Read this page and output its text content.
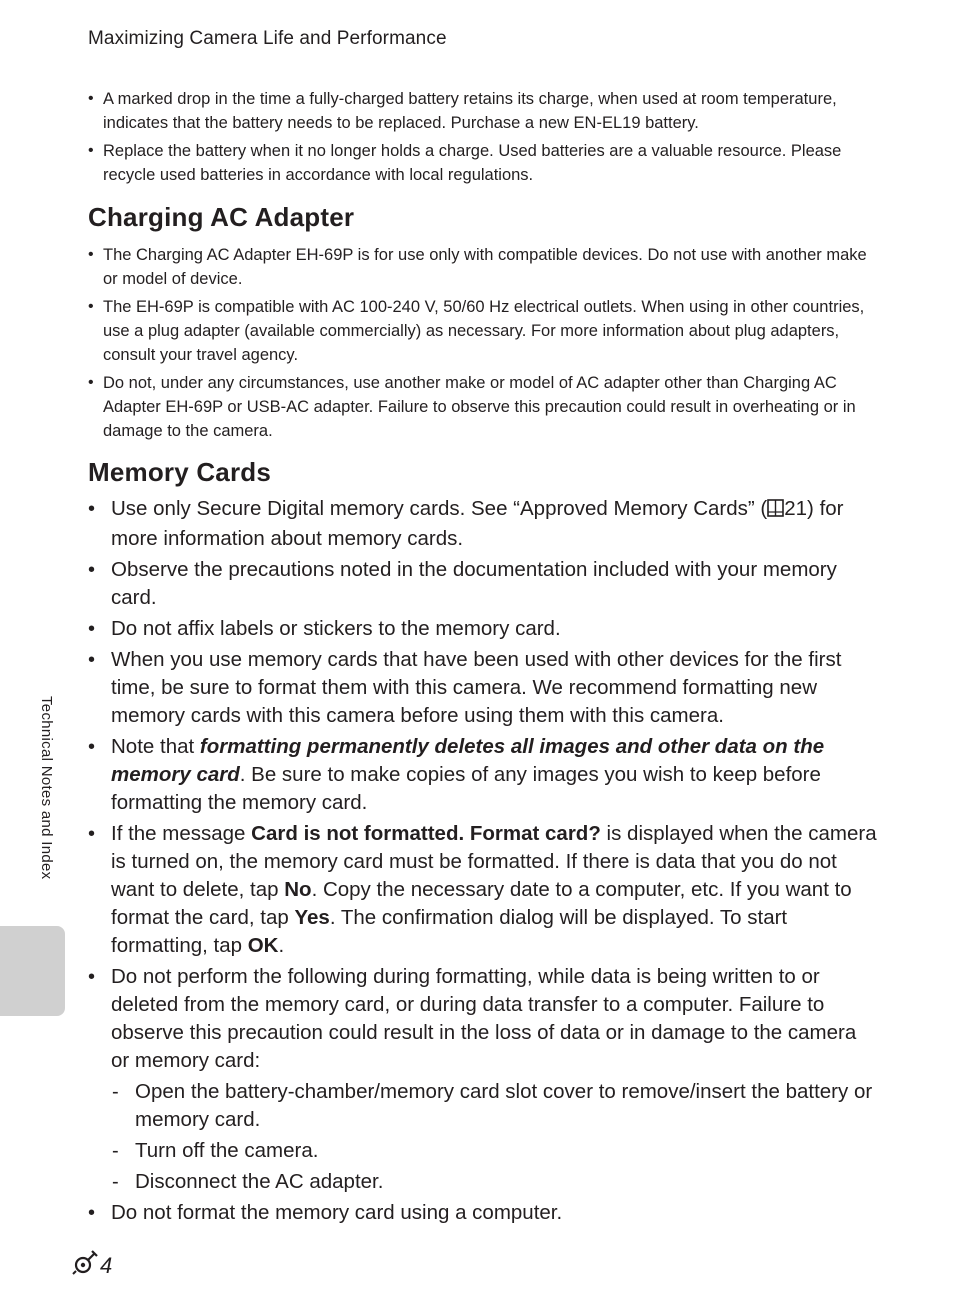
Maximizing Camera Life and Performance
• A marked drop in the time a fully-charged battery retains its charge, when used at room temperature, indicates that the battery needs to be replaced. Purchase a new EN-EL19 battery.
• Replace the battery when it no longer holds a charge. Used batteries are a valuable resource. Please recycle used batteries in accordance with local regulations.
Charging AC Adapter
• The Charging AC Adapter EH-69P is for use only with compatible devices. Do not use with another make or model of device.
• The EH-69P is compatible with AC 100-240 V, 50/60 Hz electrical outlets. When using in other countries, use a plug adapter (available commercially) as necessary. For more information about plug adapters, consult your travel agency.
• Do not, under any circumstances, use another make or model of AC adapter other than Charging AC Adapter EH-69P or USB-AC adapter. Failure to observe this precaution could result in overheating or in damage to the camera.
Memory Cards
• Use only Secure Digital memory cards. See “Approved Memory Cards” ( 21) for more information about memory cards.
• Observe the precautions noted in the documentation included with your memory card.
• Do not affix labels or stickers to the memory card.
• When you use memory cards that have been used with other devices for the first time, be sure to format them with this camera. We recommend formatting new memory cards with this camera before using them with this camera.
• Note that formatting permanently deletes all images and other data on the memory card. Be sure to make copies of any images you wish to keep before formatting the memory card.
• If the message Card is not formatted. Format card? is displayed when the camera is turned on, the memory card must be formatted. If there is data that you do not want to delete, tap No. Copy the necessary date to a computer, etc. If you want to format the card, tap Yes. The confirmation dialog will be displayed. To start formatting, tap OK.
• Do not perform the following during formatting, while data is being written to or deleted from the memory card, or during data transfer to a computer. Failure to observe this precaution could result in the loss of data or in damage to the camera or memory card:
- Open the battery-chamber/memory card slot cover to remove/insert the battery or memory card.
- Turn off the camera.
- Disconnect the AC adapter.
• Do not format the memory card using a computer.
Technical Notes and Index
4
